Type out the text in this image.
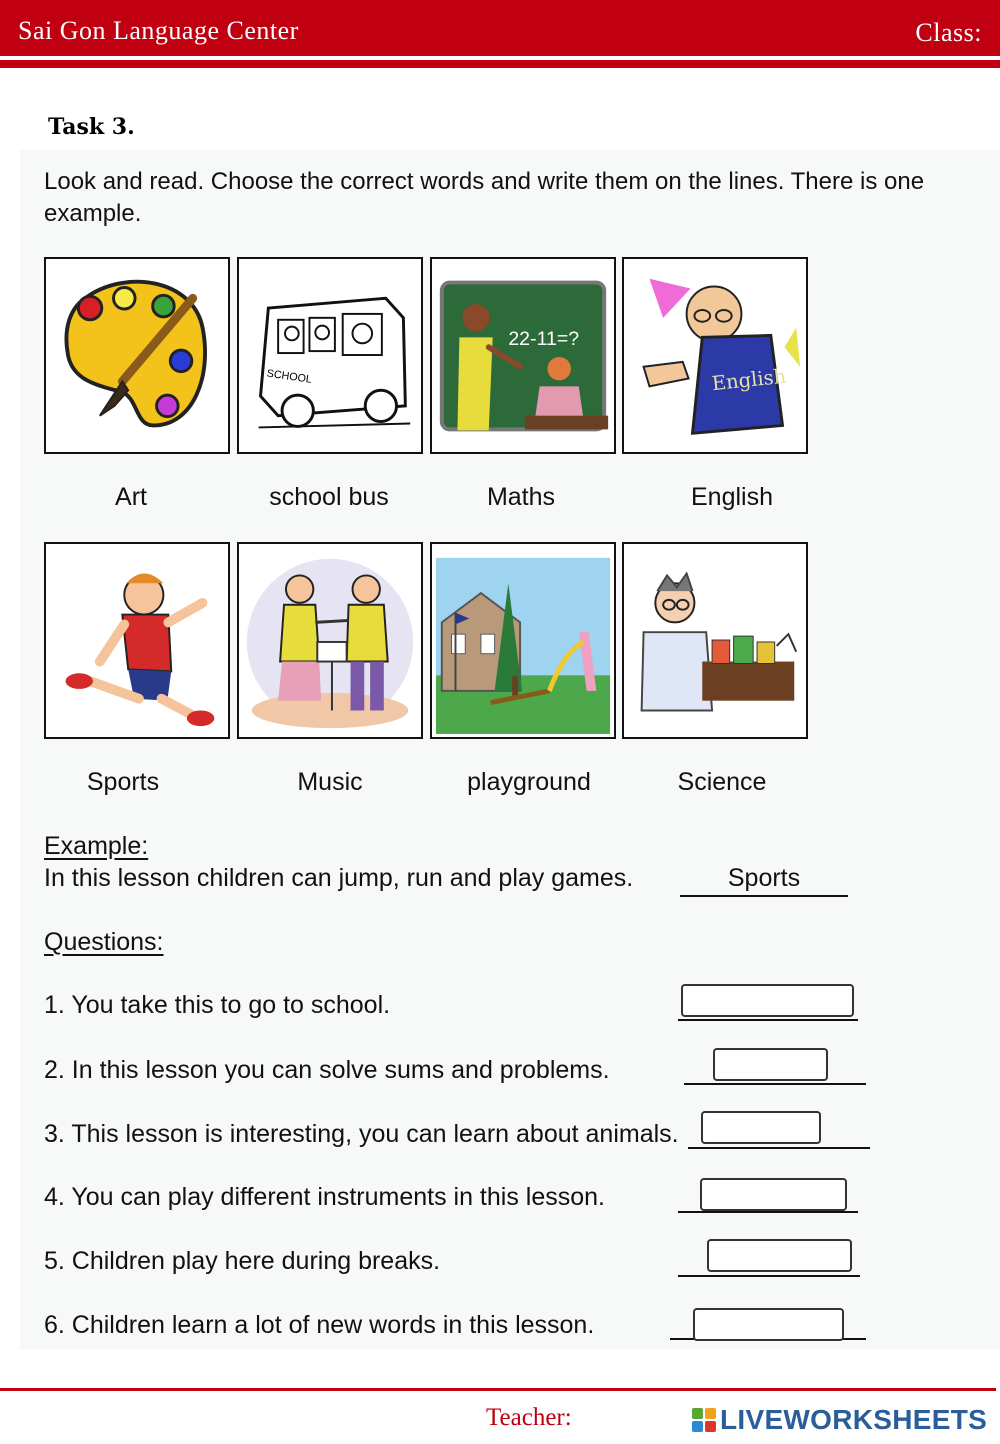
Sai Gon Language Center	Class:
Task 3.
Look and read. Choose the correct words and write them on the lines. There is one example.
SCHOOL
22-11=?
English
Art	school bus	Maths	English
Sports	Music	playground	Science
Example:
In this lesson children can jump, run and play games.	Sports
Questions:
1. You take this to go to school.
2. In this lesson you can solve sums and problems.
3. This lesson is interesting, you can learn about animals.
4. You can play different instruments in this lesson.
5. Children play here during breaks.
6. Children learn a lot of new words in this lesson.
Teacher:	LIVEWORKSHEETS
